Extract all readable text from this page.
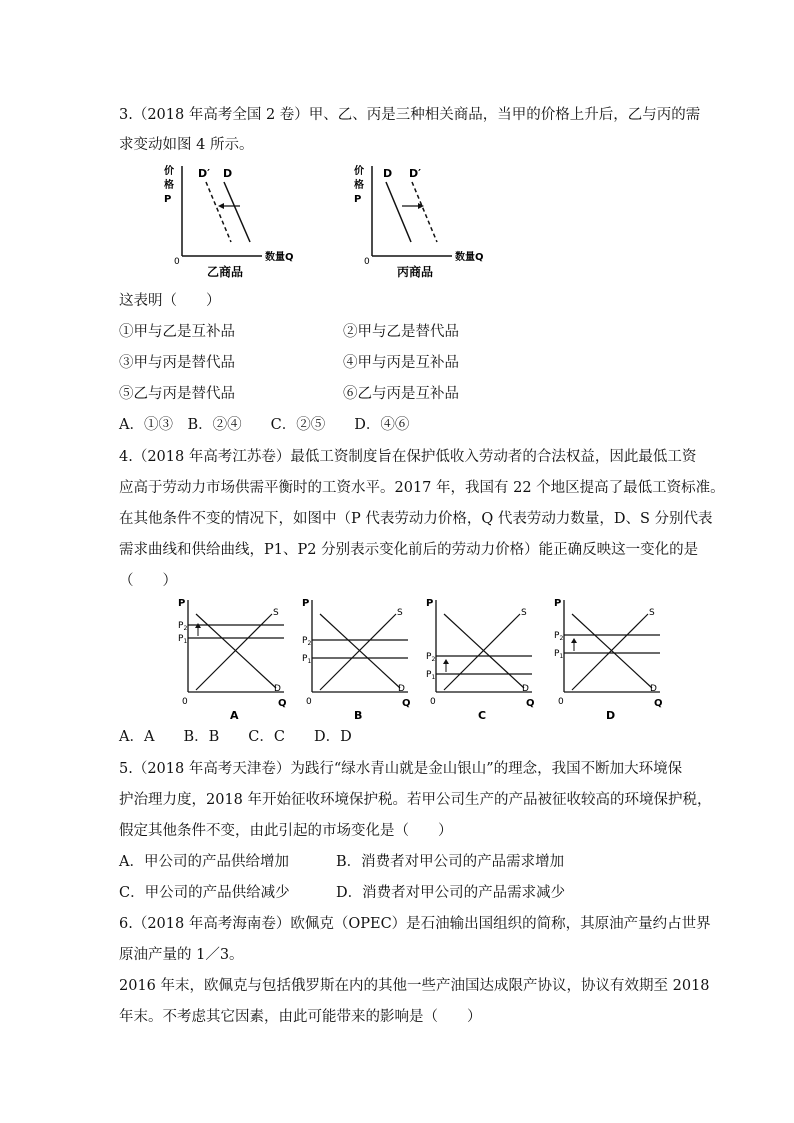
3.（2018 年高考全国 2 卷）甲、乙、丙是三种相关商品，当甲的价格上升后，乙与丙的需
求变动如图 4 所示。
价
格
P
0	数量Q
D′ D
乙商品
价
格
P
0	数量Q
D D′
丙商品
这表明（　　）
①甲与乙是互补品	②甲与乙是替代品
③甲与丙是替代品	④甲与丙是互补品
⑤乙与丙是替代品	⑥乙与丙是互补品
A．①③　B．②④　　C．②⑤　　D．④⑥
4.（2018 年高考江苏卷）最低工资制度旨在保护低收入劳动者的合法权益，因此最低工资
应高于劳动力市场供需平衡时的工资水平。2017 年，我国有 22 个地区提高了最低工资标准。
在其他条件不变的情况下，如图中（P 代表劳动力价格，Q 代表劳动力数量，D、S 分别代表
需求曲线和供给曲线，P1、P2 分别表示变化前后的劳动力价格）能正确反映这一变化的是
（　　）
P
0	Q
S
D
$P_2$
$P_1$
A
P
0	Q
S
D
$P_2$
$P_1$
B
P
0	Q
S
D
$P_2$
$P_1$
C
P
0	Q
S
D
$P_2$
$P_1$
D
A．A　　B．B　　C．C　　D．D
5.（2018 年高考天津卷）为践行“绿水青山就是金山银山”的理念，我国不断加大环境保
护治理力度，2018 年开始征收环境保护税。若甲公司生产的产品被征收较高的环境保护税，
假定其他条件不变，由此引起的市场变化是（　　）
A．甲公司的产品供给增加	B．消费者对甲公司的产品需求增加
C．甲公司的产品供给减少	D．消费者对甲公司的产品需求减少
6.（2018 年高考海南卷）欧佩克（OPEC）是石油输出国组织的简称，其原油产量约占世界
原油产量的 1／3。
2016 年末，欧佩克与包括俄罗斯在内的其他一些产油国达成限产协议，协议有效期至 2018
年末。不考虑其它因素，由此可能带来的影响是（　　）
